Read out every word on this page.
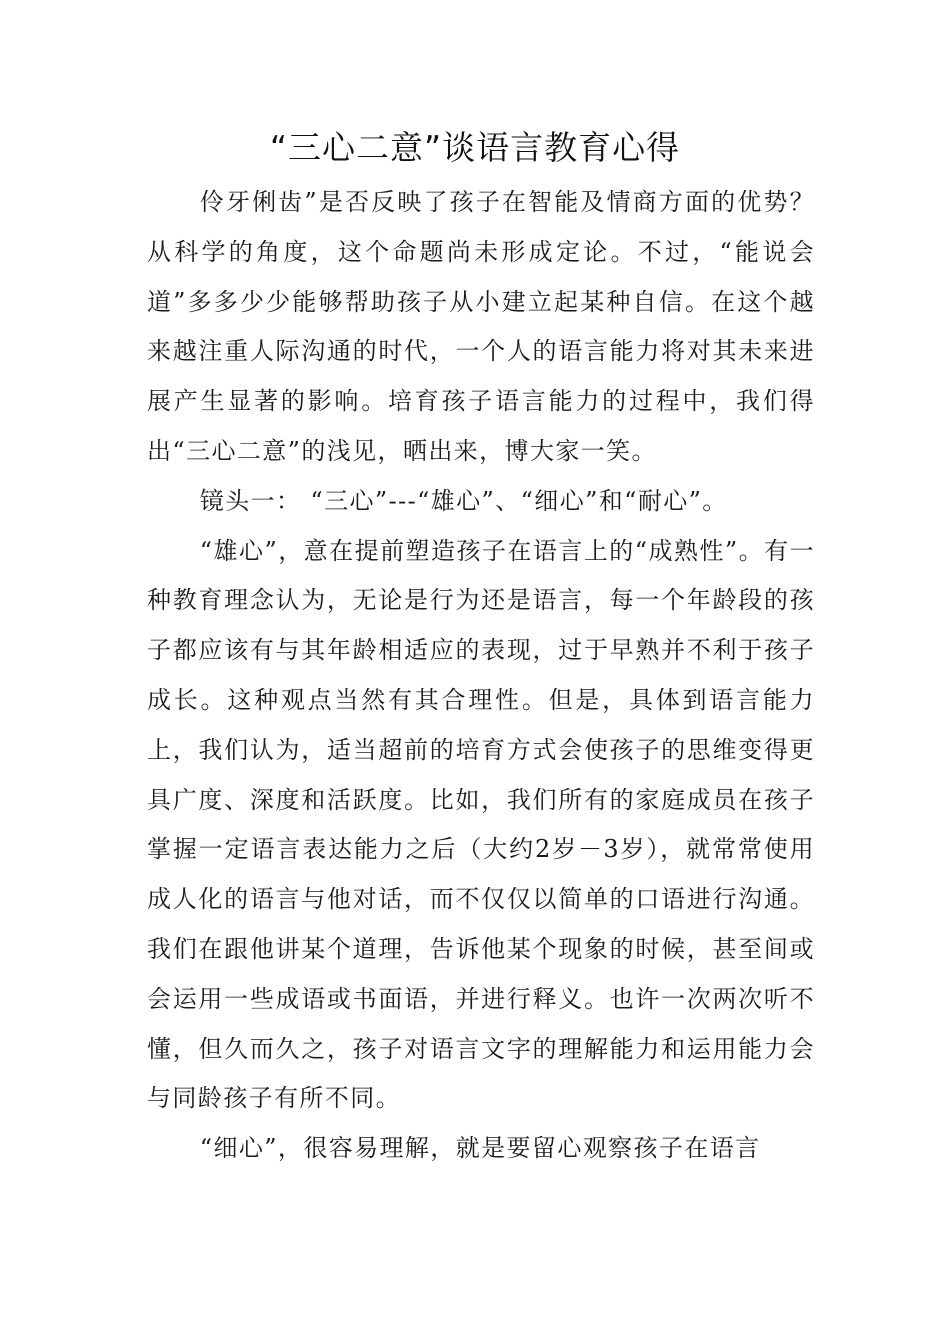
“三心二意”谈语言教育心得

伶牙俐齿”是否反映了孩子在智能及情商方面的优势？从科学的角度，这个命题尚未形成定论。不过，“能说会道”多多少少能够帮助孩子从小建立起某种自信。在这个越来越注重人际沟通的时代，一个人的语言能力将对其未来进展产生显著的影响。培育孩子语言能力的过程中，我们得出“三心二意”的浅见，晒出来，博大家一笑。

镜头一： “三心”---“雄心”、“细心”和“耐心”。

“雄心”，意在提前塑造孩子在语言上的“成熟性”。有一种教育理念认为，无论是行为还是语言，每一个年龄段的孩子都应该有与其年龄相适应的表现，过于早熟并不利于孩子成长。这种观点当然有其合理性。但是，具体到语言能力上，我们认为，适当超前的培育方式会使孩子的思维变得更具广度、深度和活跃度。比如，我们所有的家庭成员在孩子掌握一定语言表达能力之后（大约2岁－3岁），就常常使用成人化的语言与他对话，而不仅仅以简单的口语进行沟通。我们在跟他讲某个道理，告诉他某个现象的时候，甚至间或会运用一些成语或书面语，并进行释义。也许一次两次听不懂，但久而久之，孩子对语言文字的理解能力和运用能力会与同龄孩子有所不同。

“细心”，很容易理解，就是要留心观察孩子在语言
